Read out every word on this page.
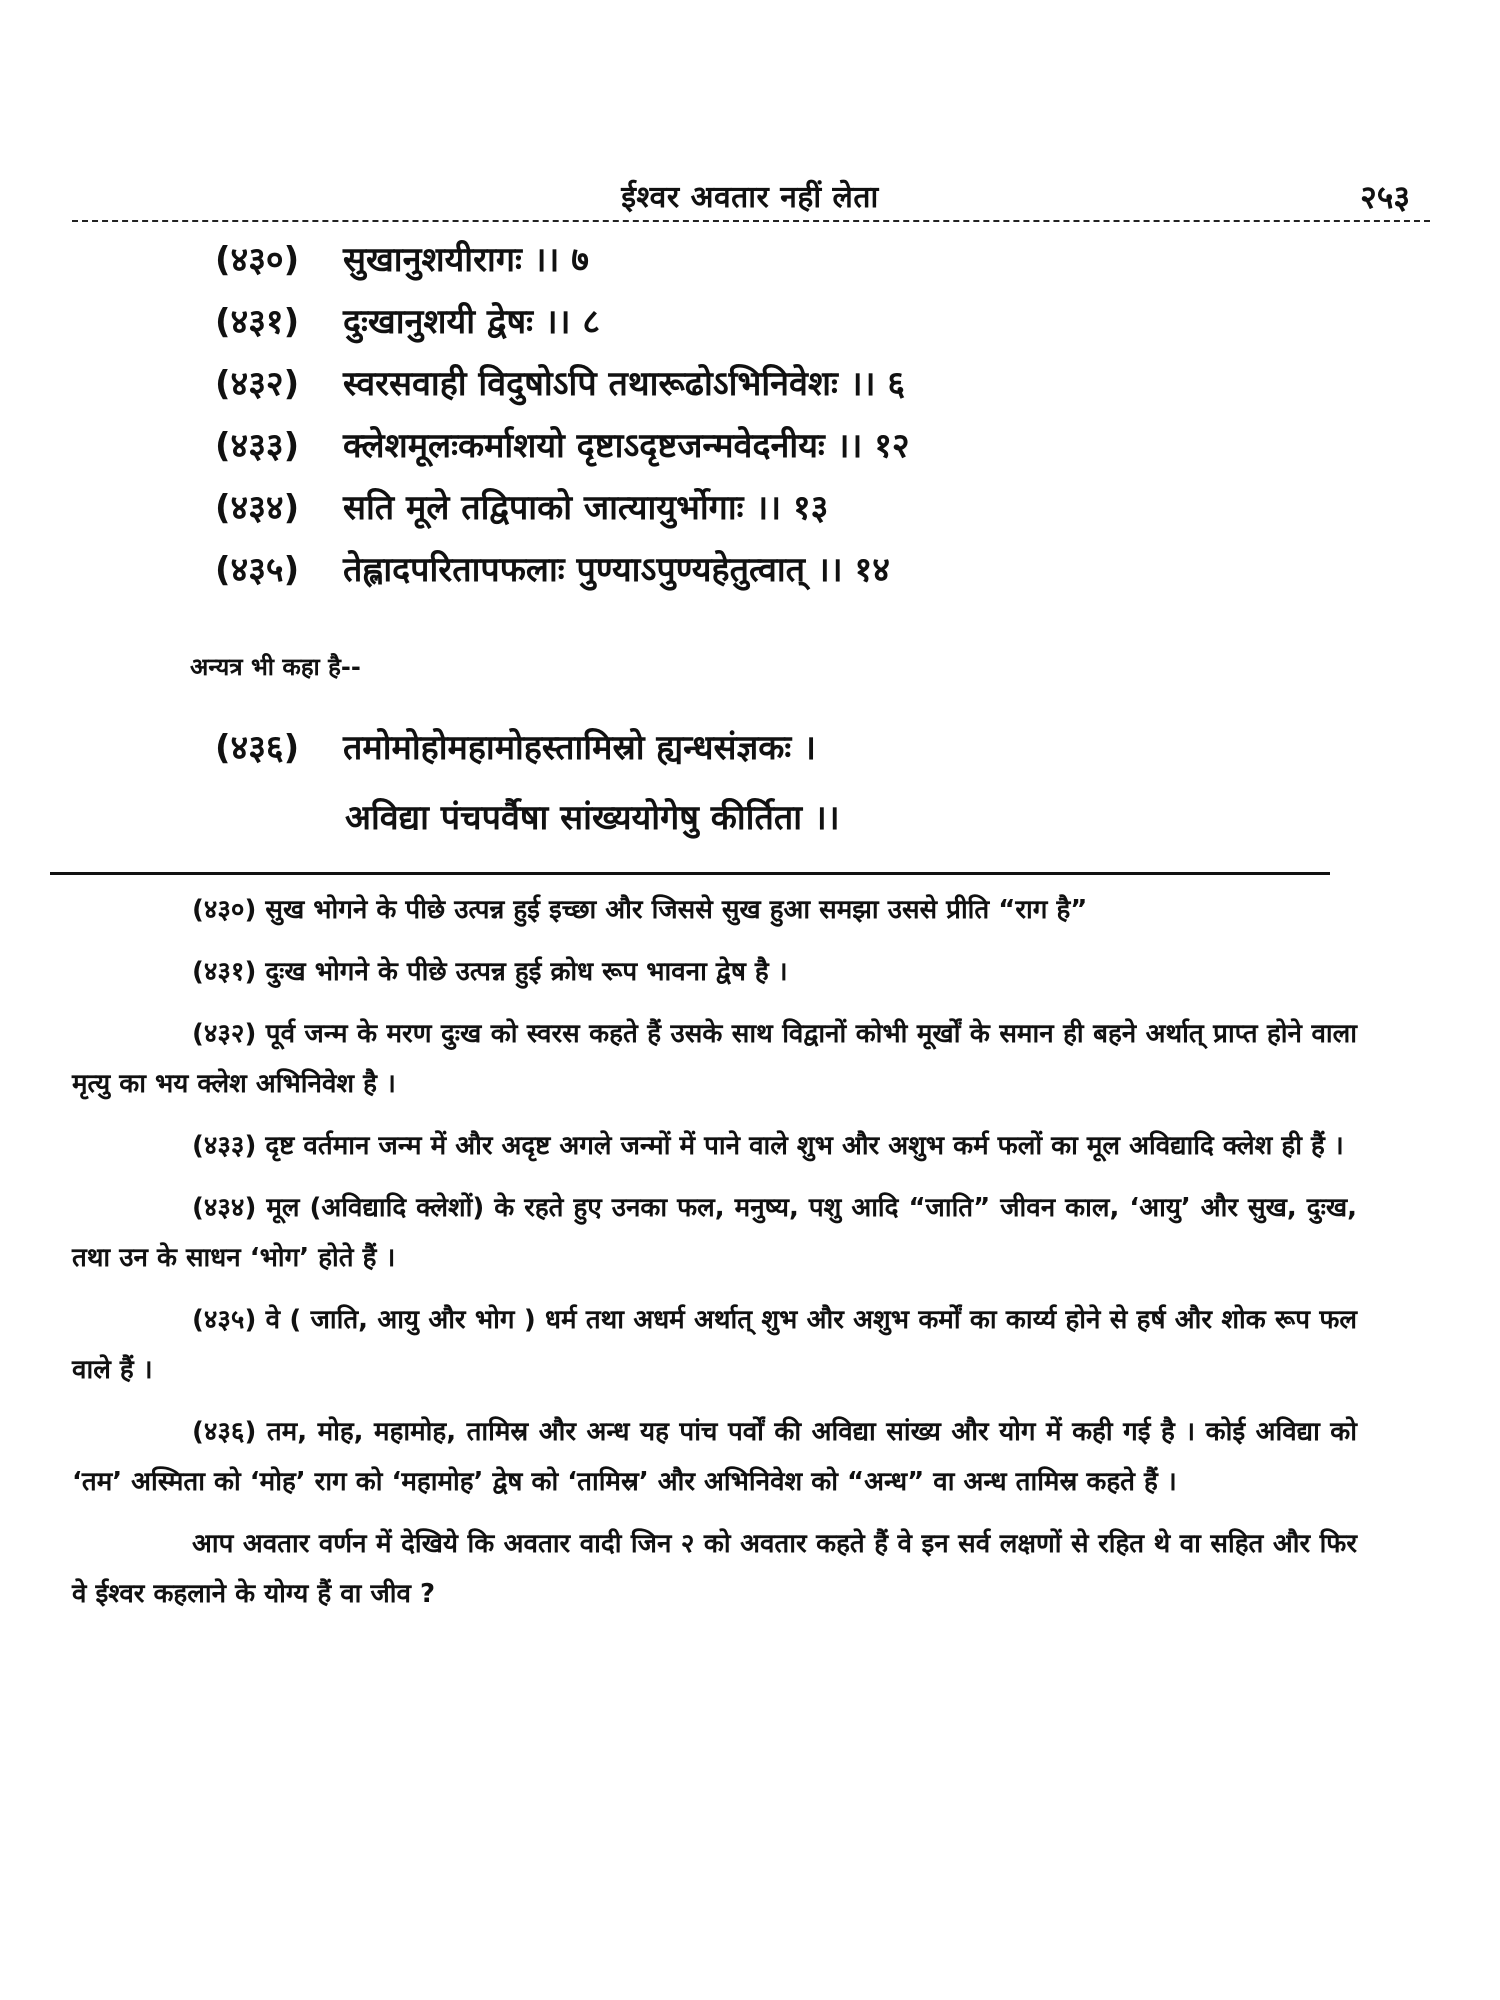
ईश्वर अवतार नहीं लेता	२५३
(४३०) सुखानुशयीरागः ।। ७
(४३१) दुःखानुशयी द्वेषः ।। ८
(४३२) स्वरसवाही विदुषोऽपि तथारूढोऽभिनिवेशः ।। ६
(४३३) क्लेशमूलःकर्माशयो दृष्टाऽदृष्टजन्मवेदनीयः ।। १२
(४३४) सति मूले तद्विपाको जात्यायुर्भोगाः ।। १३
(४३५) तेह्लादपरितापफलाः पुण्याऽपुण्यहेतुत्वात् ।। १४
अन्यत्र भी कहा है--
(४३६) तमोमोहोमहामोहस्तामिस्रो ह्यन्धसंज्ञकः ।
अविद्या पंचपर्वैषा सांख्ययोगेषु कीर्तिता ।।

(४३०) सुख भोगने के पीछे उत्पन्न हुई इच्छा और जिससे सुख हुआ समझा उससे प्रीति “राग है”

(४३१) दुःख भोगने के पीछे उत्पन्न हुई क्रोध रूप भावना द्वेष है ।

(४३२) पूर्व जन्म के मरण दुःख को स्वरस कहते हैं उसके साथ विद्वानों कोभी मूर्खों के समान ही बहने अर्थात् प्राप्त होने वाला मृत्यु का भय क्लेश अभिनिवेश है ।

(४३३) दृष्ट वर्तमान जन्म में और अदृष्ट अगले जन्मों में पाने वाले शुभ और अशुभ कर्म फलों का मूल अविद्यादि क्लेश ही हैं ।

(४३४) मूल (अविद्यादि क्लेशों) के रहते हुए उनका फल, मनुष्य, पशु आदि “जाति” जीवन काल, ‘आयु’ और सुख, दुःख, तथा उन के साधन ‘भोग’ होते हैं ।

(४३५) वे ( जाति, आयु और भोग ) धर्म तथा अधर्म अर्थात् शुभ और अशुभ कर्मों का कार्य्य होने से हर्ष और शोक रूप फल वाले हैं ।

(४३६) तम, मोह, महामोह, तामिस्र और अन्ध यह पांच पर्वों की अविद्या सांख्य और योग में कही गई है । कोई अविद्या को ‘तम’ अस्मिता को ‘मोह’ राग को ‘महामोह’ द्वेष को ‘तामिस्र’ और अभिनिवेश को “अन्ध” वा अन्ध तामिस्र कहते हैं ।

आप अवतार वर्णन में देखिये कि अवतार वादी जिन २ को अवतार कहते हैं वे इन सर्व लक्षणों से रहित थे वा सहित और फिर वे ईश्वर कहलाने के योग्य हैं वा जीव ?
